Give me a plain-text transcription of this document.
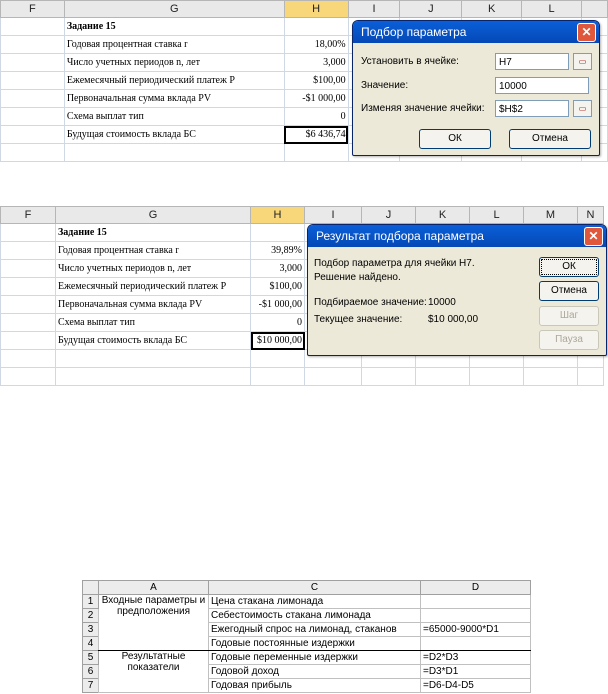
F	G	H	I	J	K	L	
	Задание 15						
	Годовая процентная ставка r	18,00%					
	Число учетных периодов n, лет	3,000					
	Ежемесячный периодический платеж P	$100,00					
	Первоначальная сумма вклада PV	-$1 000,00					
	Схема выплат тип	0					
	Будущая стоимость вклада БС	$6 436,74					

Подбор параметра	✕
Установить в ячейке:	H7	▭
Значение:	10000
Изменяя значение ячейки:	$H$2	▭
ОК	Отмена
F	G	H	I	J	K	L	M	N
	Задание 15							
	Годовая процентная ставка r	39,89%						
	Число учетных периодов n, лет	3,000						
	Ежемесячный периодический платеж P	$100,00						
	Первоначальная сумма вклада PV	-$1 000,00						
	Схема выплат тип	0						
	Будущая стоимость вклада БС	$10 000,00						

Результат подбора параметра	✕
Подбор параметра для ячейки H7.
Решение найдено.
Подбираемое значение: 10000
Текущее значение:	$10 000,00
ОК
Отмена
Шаг
Пауза
	A	C	D
1	Входные параметры и предположения	Цена стакана лимонада	
2		Себестоимость стакана лимонада	
3		Ежегодный спрос на лимонад, стаканов	=65000-9000*D1
4		Годовые постоянные издержки	
5	Результатные показатели	Годовые переменные издержки	=D2*D3
6		Годовой доход	=D3*D1
7		Годовая прибыль	=D6-D4-D5
